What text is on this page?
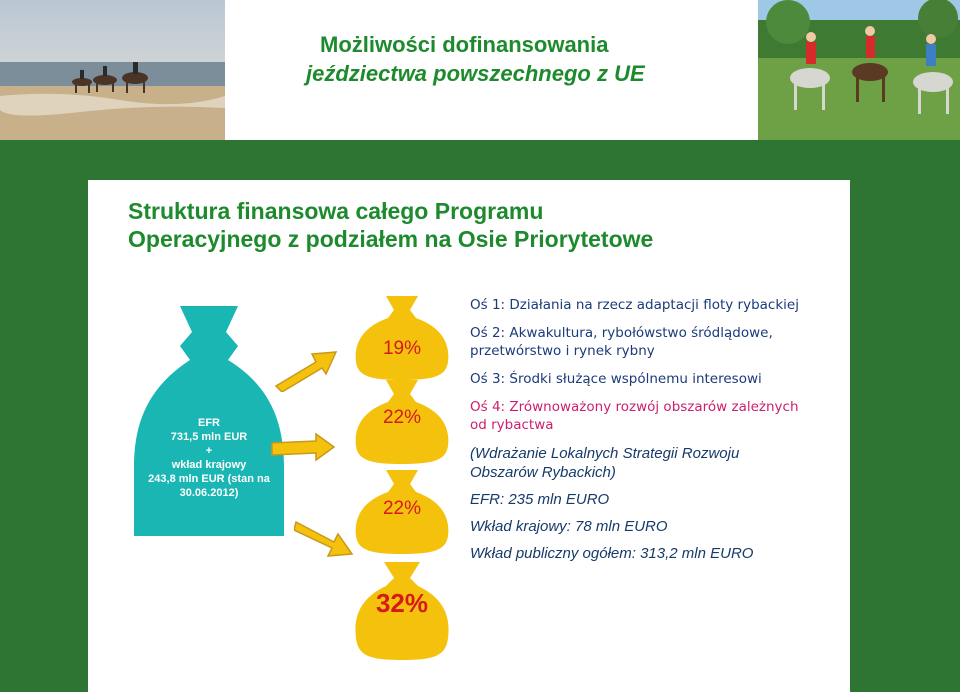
Możliwości dofinansowania
jeździectwa powszechnego z UE
Struktura finansowa całego Programu
Operacyjnego z podziałem na Osie Priorytetowe
EFR
731,5 mln EUR
+
wkład krajowy
243,8 mln EUR (stan na
30.06.2012)
19%
22%
22%
32%

Oś 1: Działania na rzecz adaptacji floty rybackiej

Oś 2: Akwakultura, rybołówstwo śródlądowe, przetwórstwo i rynek rybny

Oś 3: Środki służące wspólnemu interesowi

Oś 4: Zrównoważony rozwój obszarów zależnych od rybactwa

(Wdrażanie Lokalnych Strategii Rozwoju Obszarów Rybackich)

EFR: 235 mln EURO

Wkład krajowy: 78 mln EURO

Wkład publiczny ogółem: 313,2 mln EURO
